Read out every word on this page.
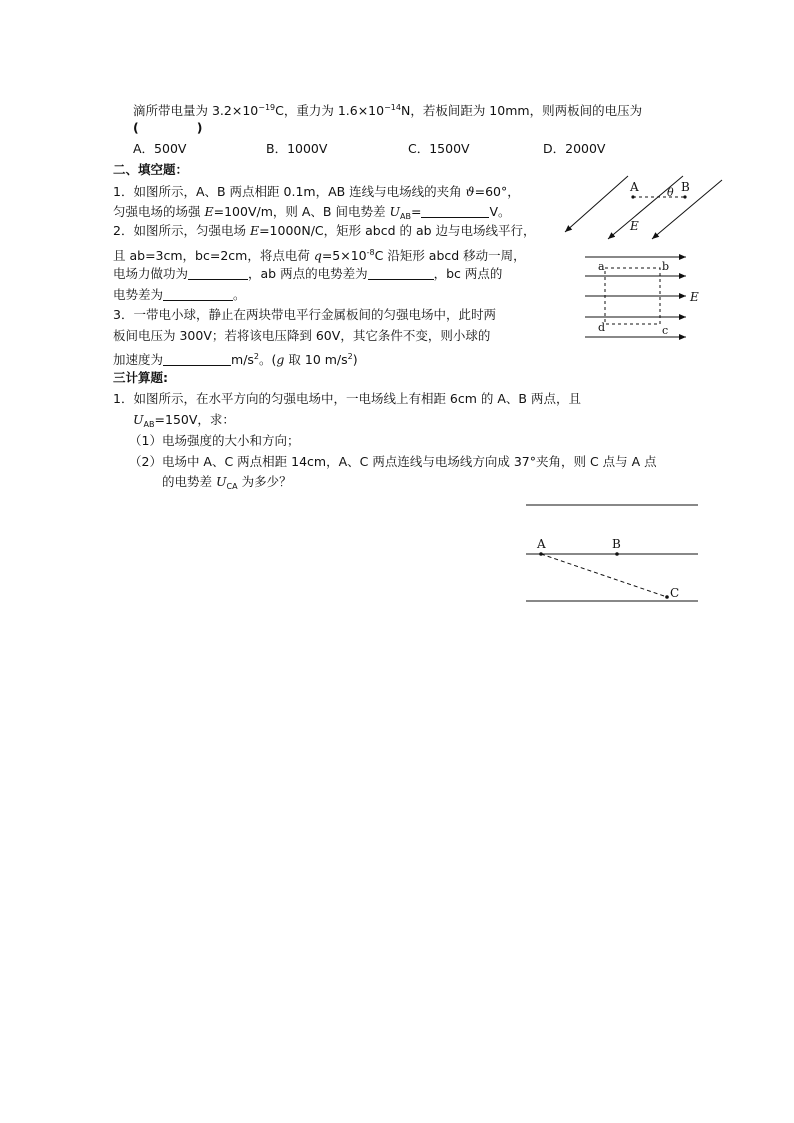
滴所带电量为 $3.2\times 10^{-19}C$，重力为 $1.6\times 10^{-14}N$，若板间距为 10mm，则两板间的电压为
(	)
A．500V	B．1000V	C．1500V	D．2000V
二、填空题：
1．如图所示，A、B 两点相距 0.1m，AB 连线与电场线的夹角 ϑ=60°，
匀强电场的场强 E=100V/m，则 A、B 间电势差 $U_{AB}=$	V。
2．如图所示，匀强电场 E=1000N/C，矩形 abcd 的 ab 边与电场线平行，
且 ab=3cm，bc=2cm，将点电荷 $q=5\times 10^{-8}C$ 沿矩形 abcd 移动一周，
电场力做功为	，ab 两点的电势差为	，bc 两点的
电势差为	。
3．一带电小球，静止在两块带电平行金属板间的匀强电场中，此时两
板间电压为 300V；若将该电压降到 60V，其它条件不变，则小球的
加速度为	$m/s^2$。(g 取 10 $m/s^2$)
三计算题:
1．如图所示，在水平方向的匀强电场中，一电场线上有相距 6cm 的 A、B 两点，且
$U_{AB}=150V$，求：
（1）电场强度的大小和方向；
（2）电场中 A、C 两点相距 14cm，A、C 两点连线与电场线方向成 37°夹角，则 C 点与 A 点
的电势差 $U_{CA}$ 为多少？
A	B
θ
E
a	b
c
d
E
A	B
C
